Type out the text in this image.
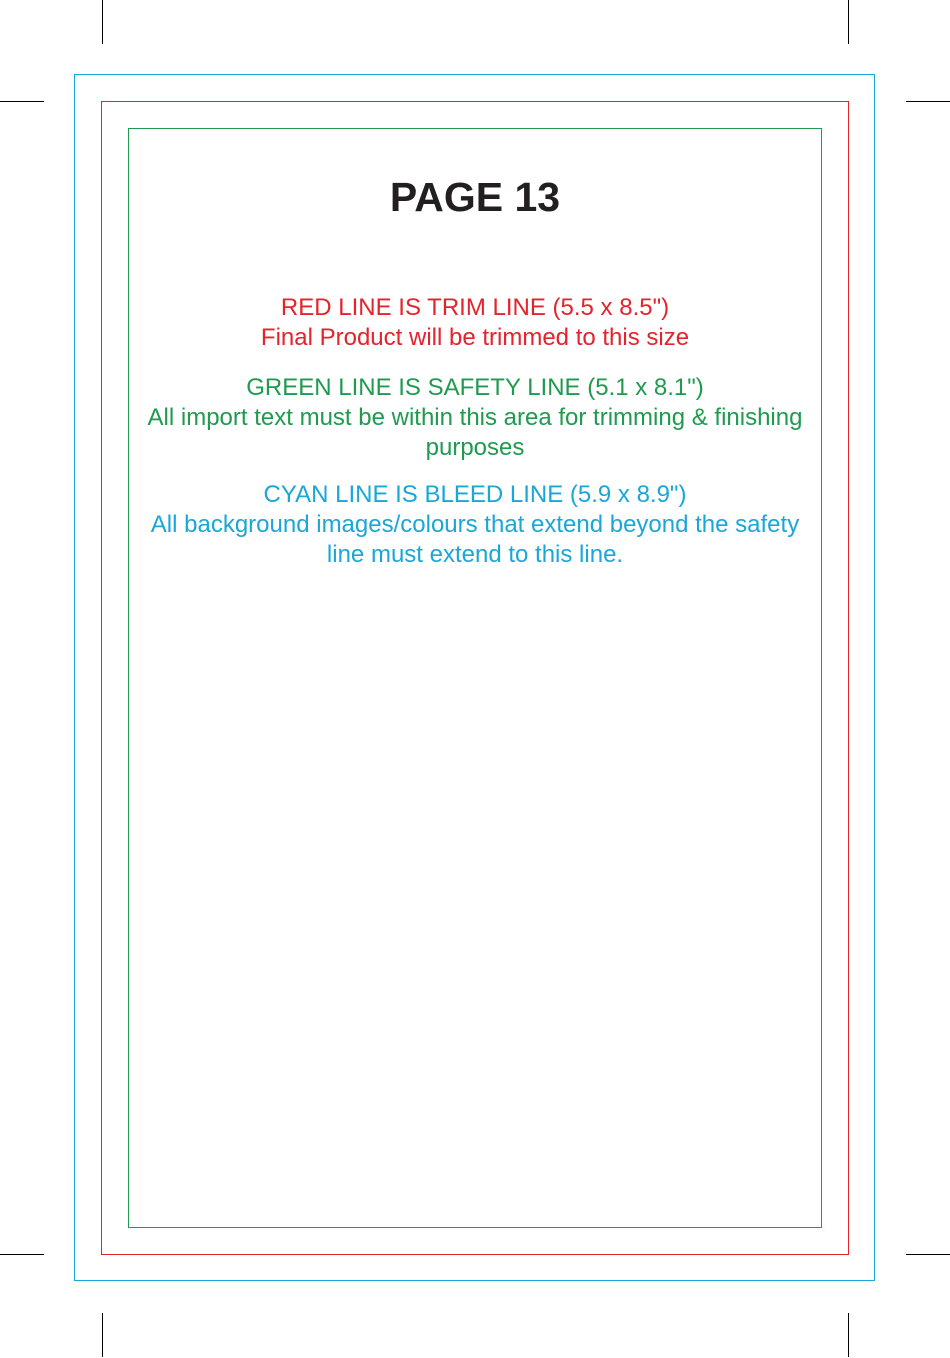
PAGE 13

RED LINE IS TRIM LINE (5.5 x 8.5")

Final Product will be trimmed to this size

GREEN LINE IS SAFETY LINE (5.1 x 8.1")

All import text must be within this area for trimming & finishing purposes

CYAN LINE IS BLEED LINE (5.9 x 8.9")

All background images/colours that extend beyond the safety line must extend to this line.
